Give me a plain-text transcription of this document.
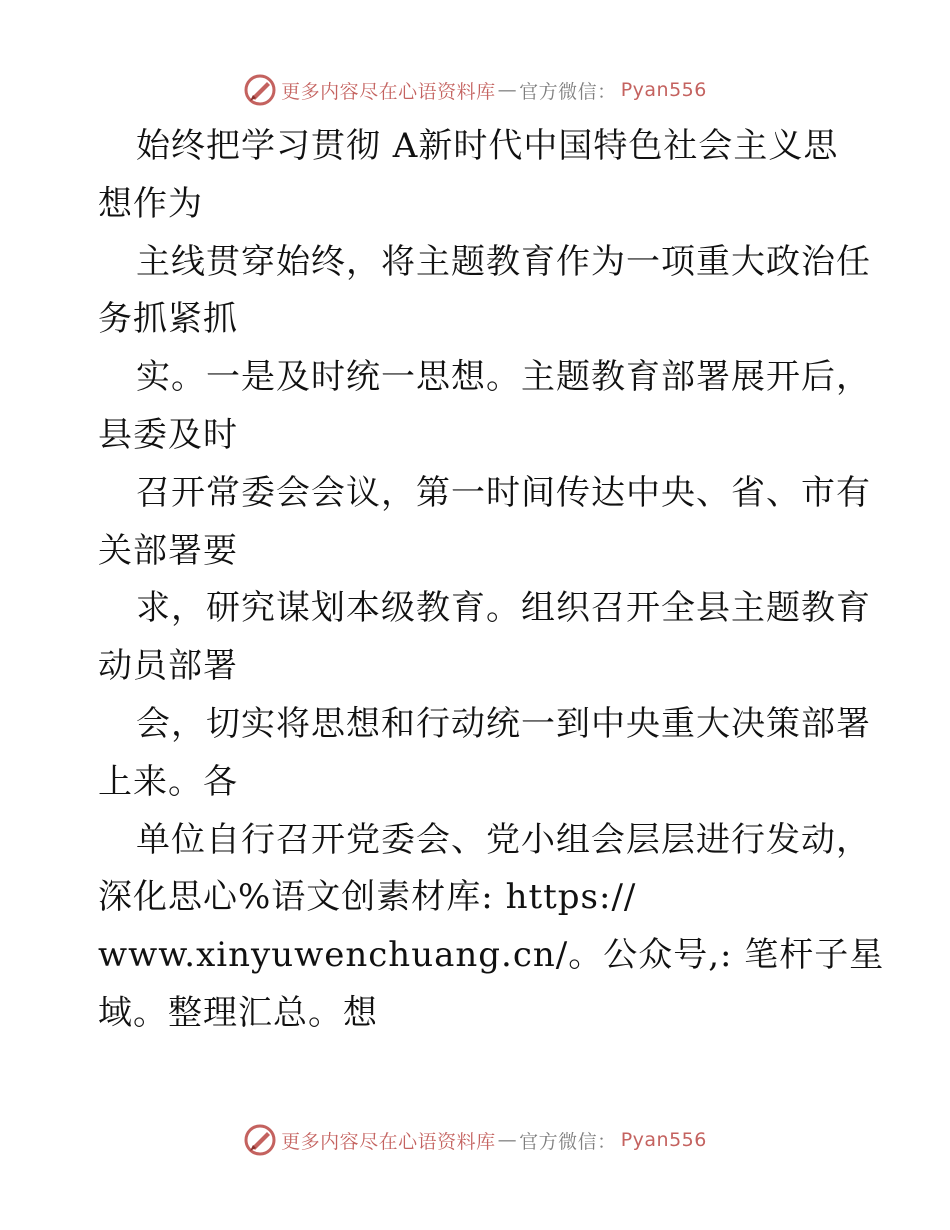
更多内容尽在心语资料库 — 官方微信： Pyan556
始终把学习贯彻 A新时代中国特色社会主义思
想作为
主线贯穿始终，将主题教育作为一项重大政治任
务抓紧抓
实。一是及时统一思想。主题教育部署展开后，
县委及时
召开常委会会议，第一时间传达中央、省、市有
关部署要
求，研究谋划本级教育。组织召开全县主题教育
动员部署
会，切实将思想和行动统一到中央重大决策部署
上来。各
单位自行召开党委会、党小组会层层进行发动，
深化思心%语文创素材库: https://
www.xinyuwenchuang.cn/。公众号,: 笔杆子星
域。整理汇总。想
更多内容尽在心语资料库 — 官方微信： Pyan556
